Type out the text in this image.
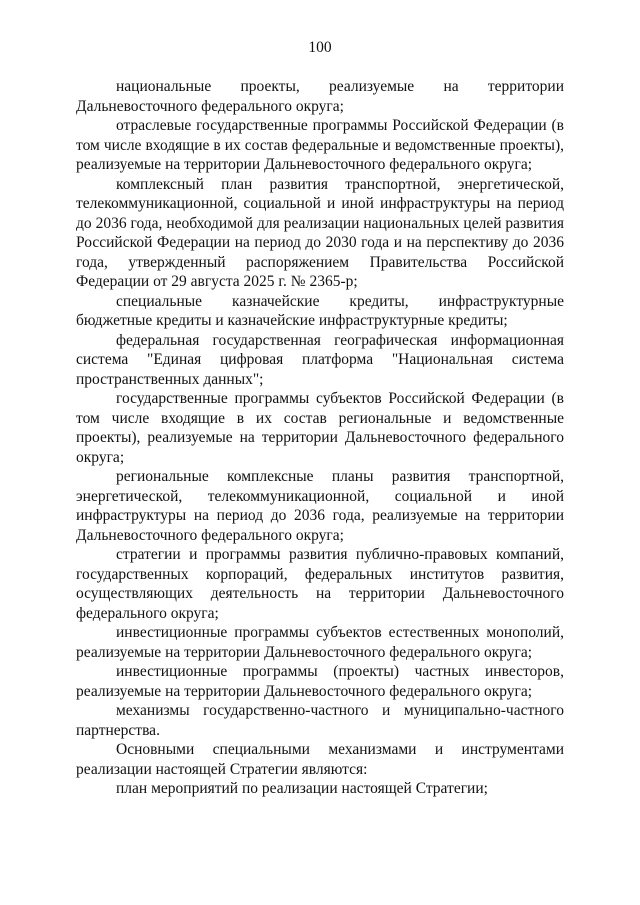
100

национальные проекты, реализуемые на территории Дальневосточного федерального округа;

отраслевые государственные программы Российской Федерации (в том числе входящие в их состав федеральные и ведомственные проекты), реализуемые на территории Дальневосточного федерального округа;

комплексный план развития транспортной, энергетической, телекоммуникационной, социальной и иной инфраструктуры на период до 2036 года, необходимой для реализации национальных целей развития Российской Федерации на период до 2030 года и на перспективу до 2036 года, утвержденный распоряжением Правительства Российской Федерации от 29 августа 2025 г. № 2365-р;

специальные казначейские кредиты, инфраструктурные бюджетные кредиты и казначейские инфраструктурные кредиты;

федеральная государственная географическая информационная система "Единая цифровая платформа "Национальная система пространственных данных";

государственные программы субъектов Российской Федерации (в том числе входящие в их состав региональные и ведомственные проекты), реализуемые на территории Дальневосточного федерального округа;

региональные комплексные планы развития транспортной, энергетической, телекоммуникационной, социальной и иной инфраструктуры на период до 2036 года, реализуемые на территории Дальневосточного федерального округа;

стратегии и программы развития публично-правовых компаний, государственных корпораций, федеральных институтов развития, осуществляющих деятельность на территории Дальневосточного федерального округа;

инвестиционные программы субъектов естественных монополий, реализуемые на территории Дальневосточного федерального округа;

инвестиционные программы (проекты) частных инвесторов, реализуемые на территории Дальневосточного федерального округа;

механизмы государственно-частного и муниципально-частного партнерства.

Основными специальными механизмами и инструментами реализации настоящей Стратегии являются:

план мероприятий по реализации настоящей Стратегии;
